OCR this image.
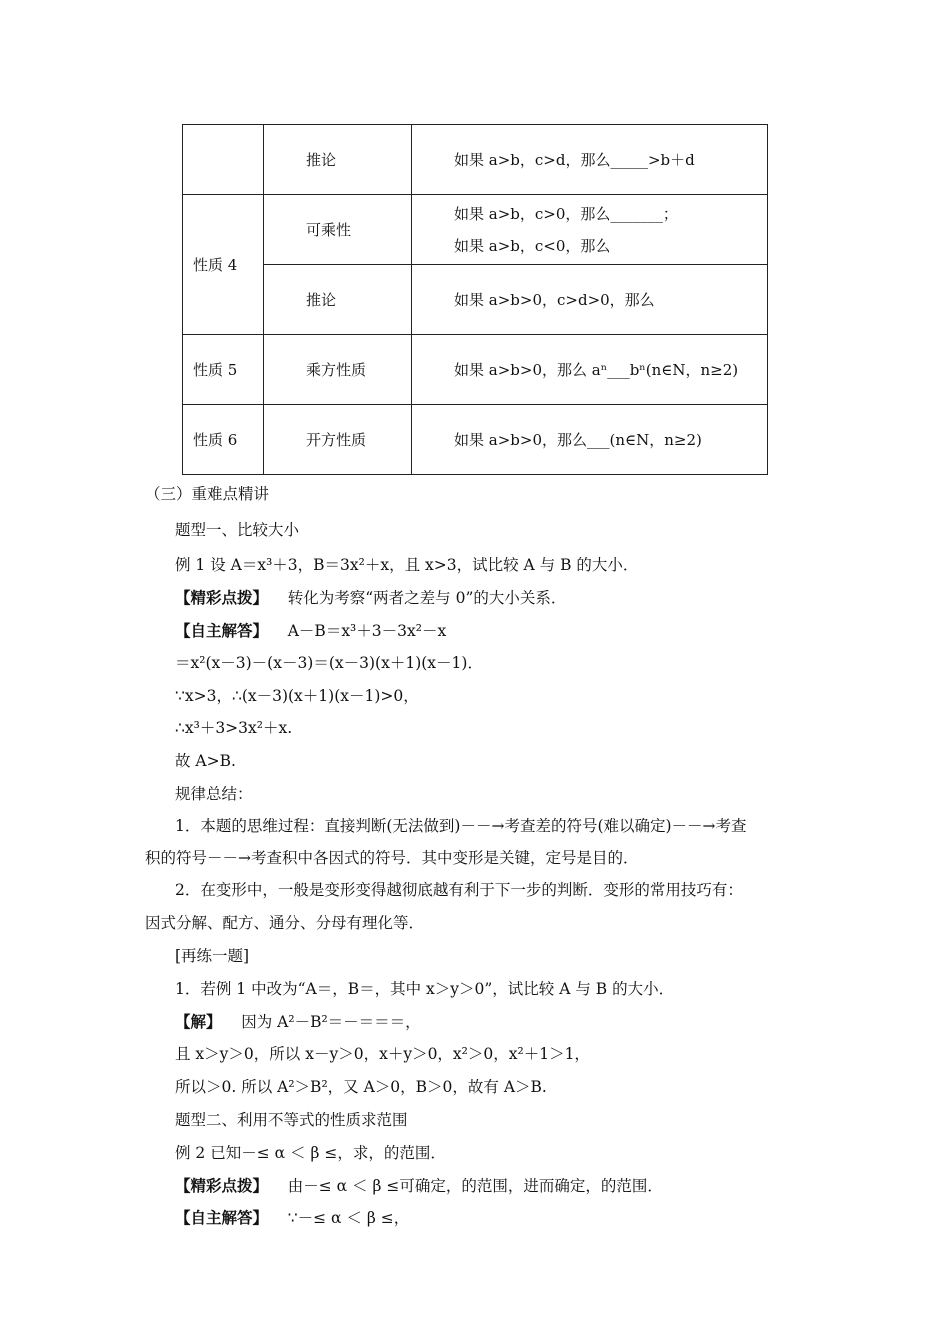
	推论	如果 a>b，c>d，那么_____>b＋d
性质 4	可乘性	如果 a>b，c>0，那么_______；
如果 a>b，c<0，那么

	推论	如果 a>b>0，c>d>0，那么
性质 5	乘方性质	如果 a>b>0，那么 aⁿ___bⁿ(n∈N，n≥2)
性质 6	开方性质	如果 a>b>0，那么___(n∈N，n≥2)
（三）重难点精讲
题型一、比较大小
例 1 设 A＝x³＋3，B＝3x²＋x，且 x>3，试比较 A 与 B 的大小．
【精彩点拨】 转化为考察“两者之差与 0”的大小关系．
【自主解答】 A－B＝x³＋3－3x²－x
＝x²(x－3)－(x－3)＝(x－3)(x＋1)(x－1)．
∵x>3，∴(x－3)(x＋1)(x－1)>0，
∴x³＋3>3x²＋x.
故 A>B.
规律总结：
1．本题的思维过程：直接判断(无法做到)－－→考查差的符号(难以确定)－－→考查
积的符号－－→考查积中各因式的符号．其中变形是关键，定号是目的．
2．在变形中，一般是变形变得越彻底越有利于下一步的判断．变形的常用技巧有：
因式分解、配方、通分、分母有理化等．
[再练一题]
1．若例 1 中改为“A＝，B＝，其中 x＞y＞0”，试比较 A 与 B 的大小．
【解】 因为 A²－B²＝－＝＝＝，
且 x＞y＞0，所以 x－y＞0，x＋y＞0，x²＞0，x²＋1＞1，
所以＞0. 所以 A²＞B²，又 A＞0，B＞0，故有 A＞B.
题型二、利用不等式的性质求范围
例 2 已知－≤ α ＜ β ≤，求，的范围．
【精彩点拨】 由－≤ α ＜ β ≤可确定，的范围，进而确定，的范围．
【自主解答】 ∵－≤ α ＜ β ≤，
